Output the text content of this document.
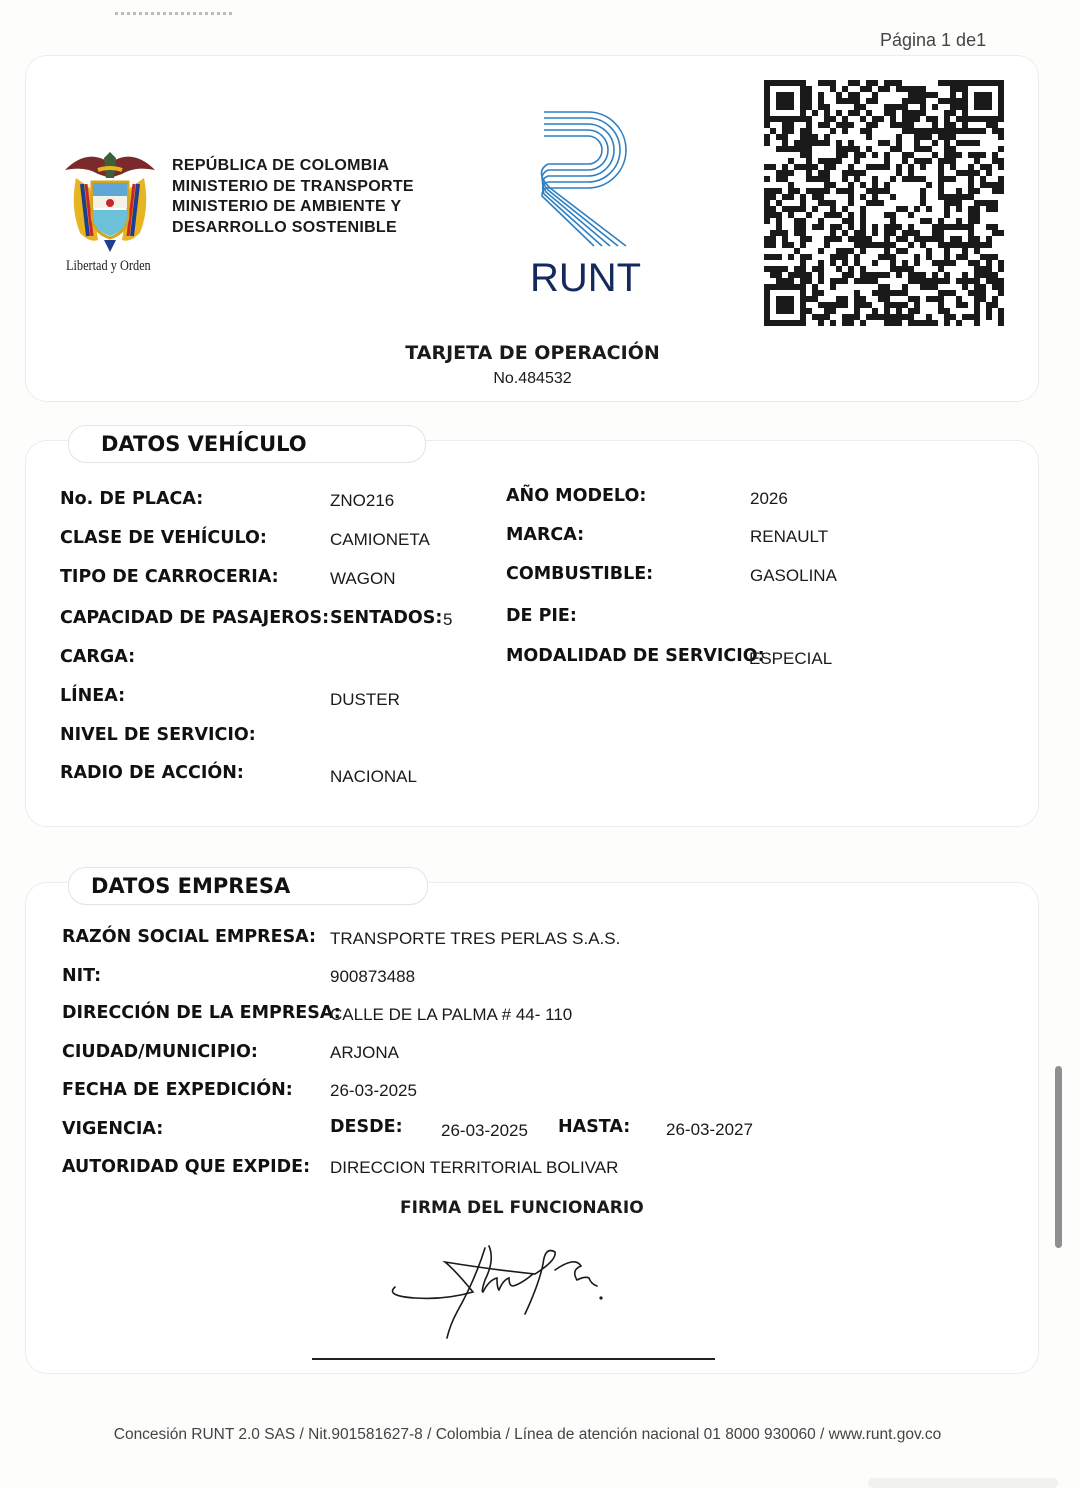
Página 1 de1
Libertad y Orden
REPÚBLICA DE COLOMBIA
MINISTERIO DE TRANSPORTE
MINISTERIO DE AMBIENTE Y
DESARROLLO SOSTENIBLE
RUNT
TARJETA DE OPERACIÓN
No.484532
DATOS VEHÍCULO
No. DE PLACA:	ZNO216
CLASE DE VEHÍCULO:	CAMIONETA
TIPO DE CARROCERIA:	WAGON
CAPACIDAD DE PASAJEROS: SENTADOS: 5
CARGA:
LÍNEA:	DUSTER
NIVEL DE SERVICIO:
RADIO DE ACCIÓN:	NACIONAL
AÑO MODELO:	2026
MARCA:	RENAULT
COMBUSTIBLE:	GASOLINA
DE PIE:
MODALIDAD DE SERVICIO:
ESPECIAL
DATOS EMPRESA
RAZÓN SOCIAL EMPRESA: TRANSPORTE TRES PERLAS S.A.S.
NIT:	900873488
DIRECCIÓN DE LA EMPRESA:
CALLE DE LA PALMA # 44- 110
CIUDAD/MUNICIPIO:	ARJONA
FECHA DE EXPEDICIÓN: 26-03-2025
VIGENCIA:	DESDE: 26-03-2025 HASTA: 26-03-2027
AUTORIDAD QUE EXPIDE: DIRECCION TERRITORIAL BOLIVAR
FIRMA DEL FUNCIONARIO
Concesión RUNT 2.0 SAS / Nit.901581627-8 / Colombia / Línea de atención nacional 01 8000 930060 / www.runt.gov.co
